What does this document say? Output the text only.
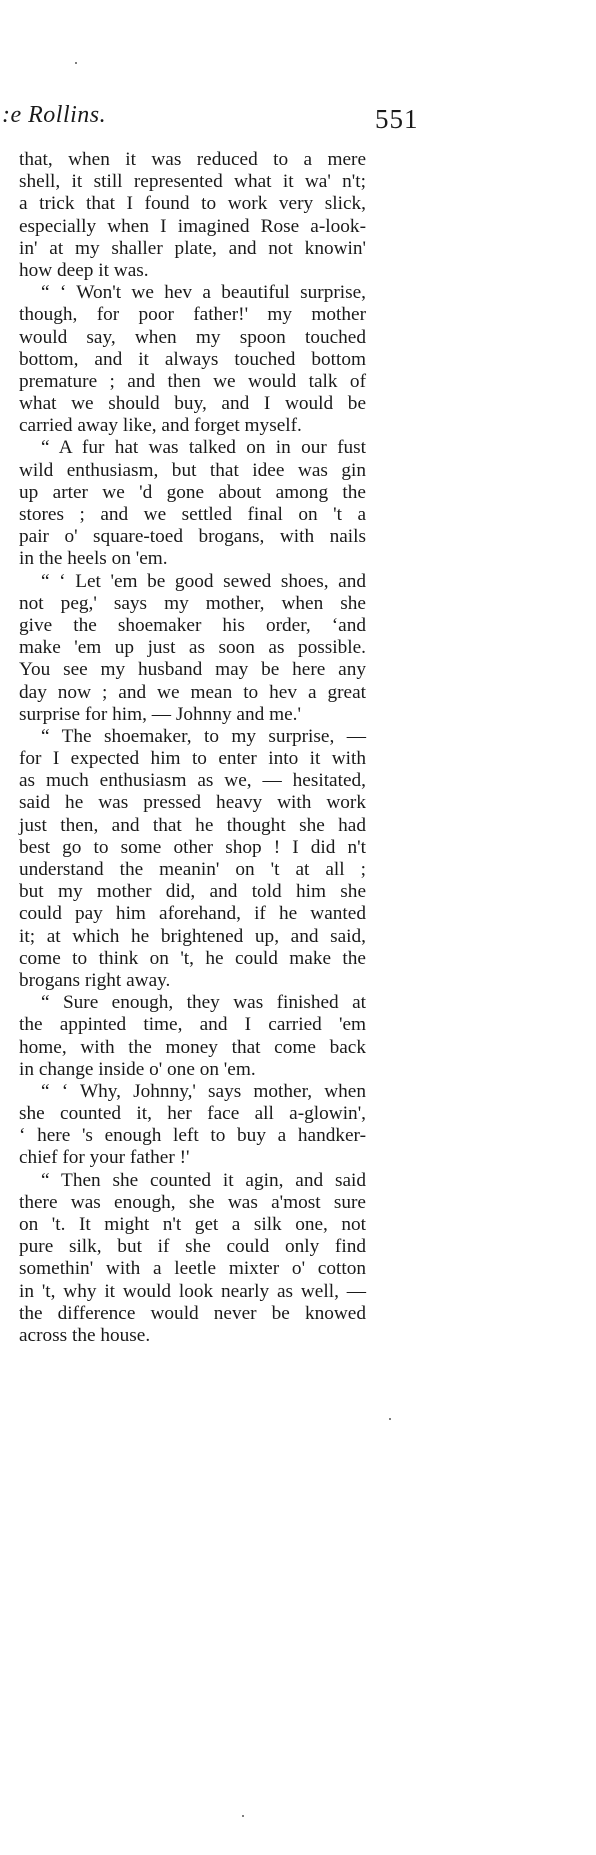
:e Rollins.	551
that, when it was reduced to a mere
shell, it still represented what it wa' n't;
a trick that I found to work very slick,
especially when I imagined Rose a-look-
in' at my shaller plate, and not knowin'
how deep it was.
“ ‘ Won't we hev a beautiful surprise,
though, for poor father!' my mother
would say, when my spoon touched
bottom, and it always touched bottom
premature ; and then we would talk of
what we should buy, and I would be
carried away like, and forget myself.
“ A fur hat was talked on in our fust
wild enthusiasm, but that idee was gin
up arter we 'd gone about among the
stores ; and we settled final on 't a
pair o' square-toed brogans, with nails
in the heels on 'em.
“ ‘ Let 'em be good sewed shoes, and
not peg,' says my mother, when she
give the shoemaker his order, ‘and
make 'em up just as soon as possible.
You see my husband may be here any
day now ; and we mean to hev a great
surprise for him, — Johnny and me.'
“ The shoemaker, to my surprise, —
for I expected him to enter into it with
as much enthusiasm as we, — hesitated,
said he was pressed heavy with work
just then, and that he thought she had
best go to some other shop ! I did n't
understand the meanin' on 't at all ;
but my mother did, and told him she
could pay him aforehand, if he wanted
it; at which he brightened up, and said,
come to think on 't, he could make the
brogans right away.
“ Sure enough, they was finished at
the appinted time, and I carried 'em
home, with the money that come back
in change inside o' one on 'em.
“ ‘ Why, Johnny,' says mother, when
she counted it, her face all a-glowin',
‘ here 's enough left to buy a handker-
chief for your father !'
“ Then she counted it agin, and said
there was enough, she was a'most sure
on 't. It might n't get a silk one, not
pure silk, but if she could only find
somethin' with a leetle mixter o' cotton
in 't, why it would look nearly as well, —
the difference would never be knowed
across the house.
